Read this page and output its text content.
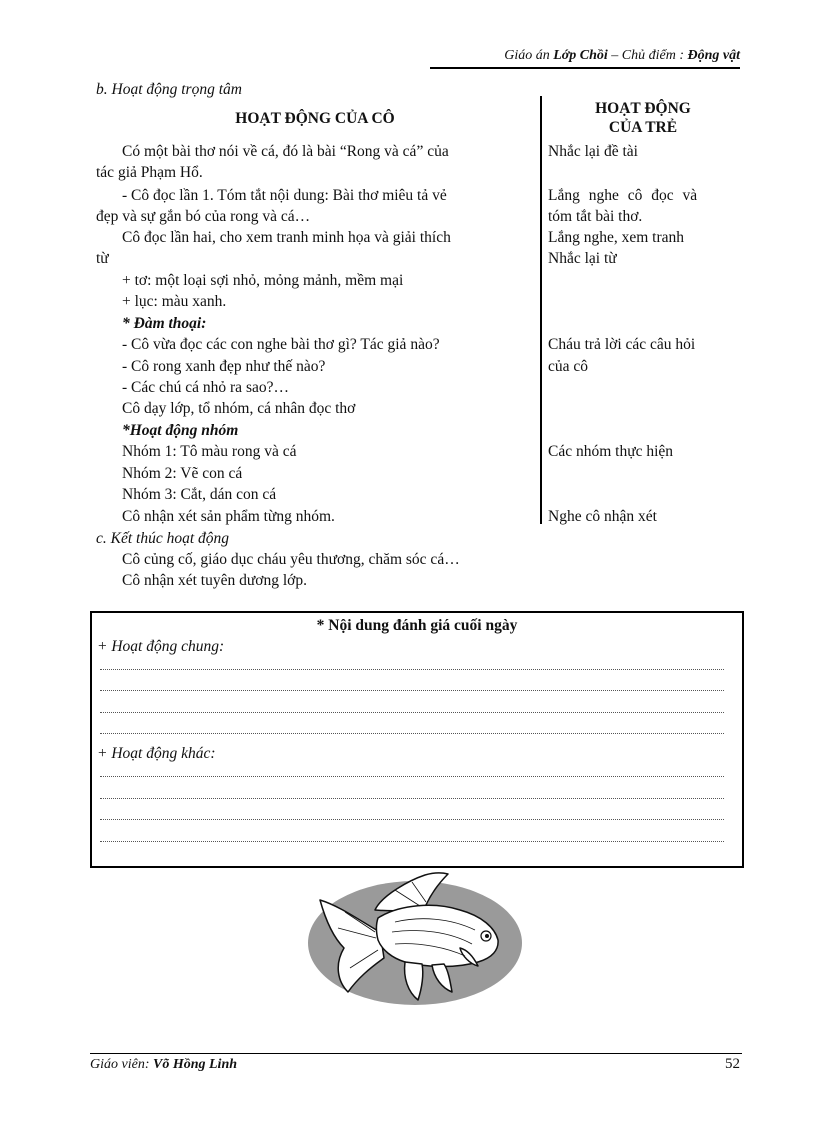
Giáo án Lớp Chồi – Chủ điểm : Động vật
b. Hoạt động trọng tâm
HOẠT ĐỘNG CỦA CÔ
HOẠT ĐỘNG
CỦA TRẺ
Có một bài thơ nói về cá, đó là bài “Rong và cá” của
tác giả Phạm Hổ.
- Cô đọc lần 1. Tóm tắt nội dung: Bài thơ miêu tả vẻ
đẹp và sự gắn bó của rong và cá…
Cô đọc lần hai, cho xem tranh minh họa và giải thích
từ
+ tơ: một loại sợi nhỏ, mỏng mảnh, mềm mại
+ lục: màu xanh.
* Đàm thoại:
- Cô vừa đọc các con nghe bài thơ gì? Tác giả nào?
- Cô rong xanh đẹp như thế nào?
- Các chú cá nhỏ ra sao?…
Cô dạy lớp, tổ nhóm, cá nhân đọc thơ
*Hoạt động nhóm
Nhóm 1: Tô màu rong và cá
Nhóm 2: Vẽ con cá
Nhóm 3: Cắt, dán con cá
Cô nhận xét sản phẩm từng nhóm.
Nhắc lại đề tài
Lắng nghe cô đọc và
tóm tắt bài thơ.
Lắng nghe, xem tranh
Nhắc lại từ
Cháu trả lời các câu hỏi
của cô
Các nhóm thực hiện
Nghe cô nhận xét
c. Kết thúc hoạt động
Cô củng cố, giáo dục cháu yêu thương, chăm sóc cá…
Cô nhận xét tuyên dương lớp.
* Nội dung đánh giá cuối ngày
+ Hoạt động chung:
+ Hoạt động khác:
Giáo viên: Võ Hồng Linh	52
